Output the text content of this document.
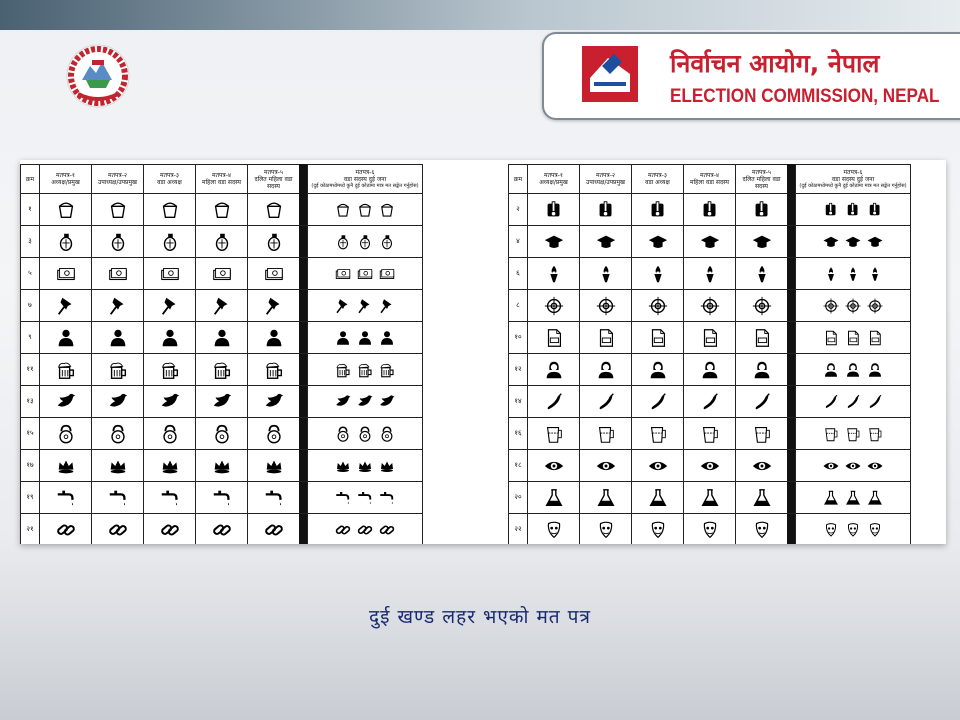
निर्वाचन आयोग, नेपाल
ELECTION COMMISSION, NEPAL
क्रम	मतपत्र-१
अध्यक्ष/प्रमुख
मतपत्र-२
उपाध्यक्ष/उपप्रमुख
मतपत्र-३
वडा अध्यक्ष
मतपत्र-४
महिला वडा सदस्य
मतपत्र-५
दलित महिला वडा सदस्य
मतपत्र-६
वडा सदस्य दुई जना
(दुई कोठामध्येमध्ये कुनै दुई कोठामा मात्र मत सङ्केत गर्नुहोस)
१
३
५
७
९
११
१३
१५
१७
१९
२१
क्रम	मतपत्र-१
अध्यक्ष/प्रमुख
मतपत्र-२
उपाध्यक्ष/उपप्रमुख
मतपत्र-३
वडा अध्यक्ष
मतपत्र-४
महिला वडा सदस्य
मतपत्र-५
दलित महिला वडा सदस्य
मतपत्र-६
वडा सदस्य दुई जना
(दुई कोठामध्येमध्ये कुनै दुई कोठामा मात्र मत सङ्केत गर्नुहोस)
२
४
६
८
१०
१२
१४
१६
१८
२०
२२
दुई खण्ड लहर भएको मत पत्र
